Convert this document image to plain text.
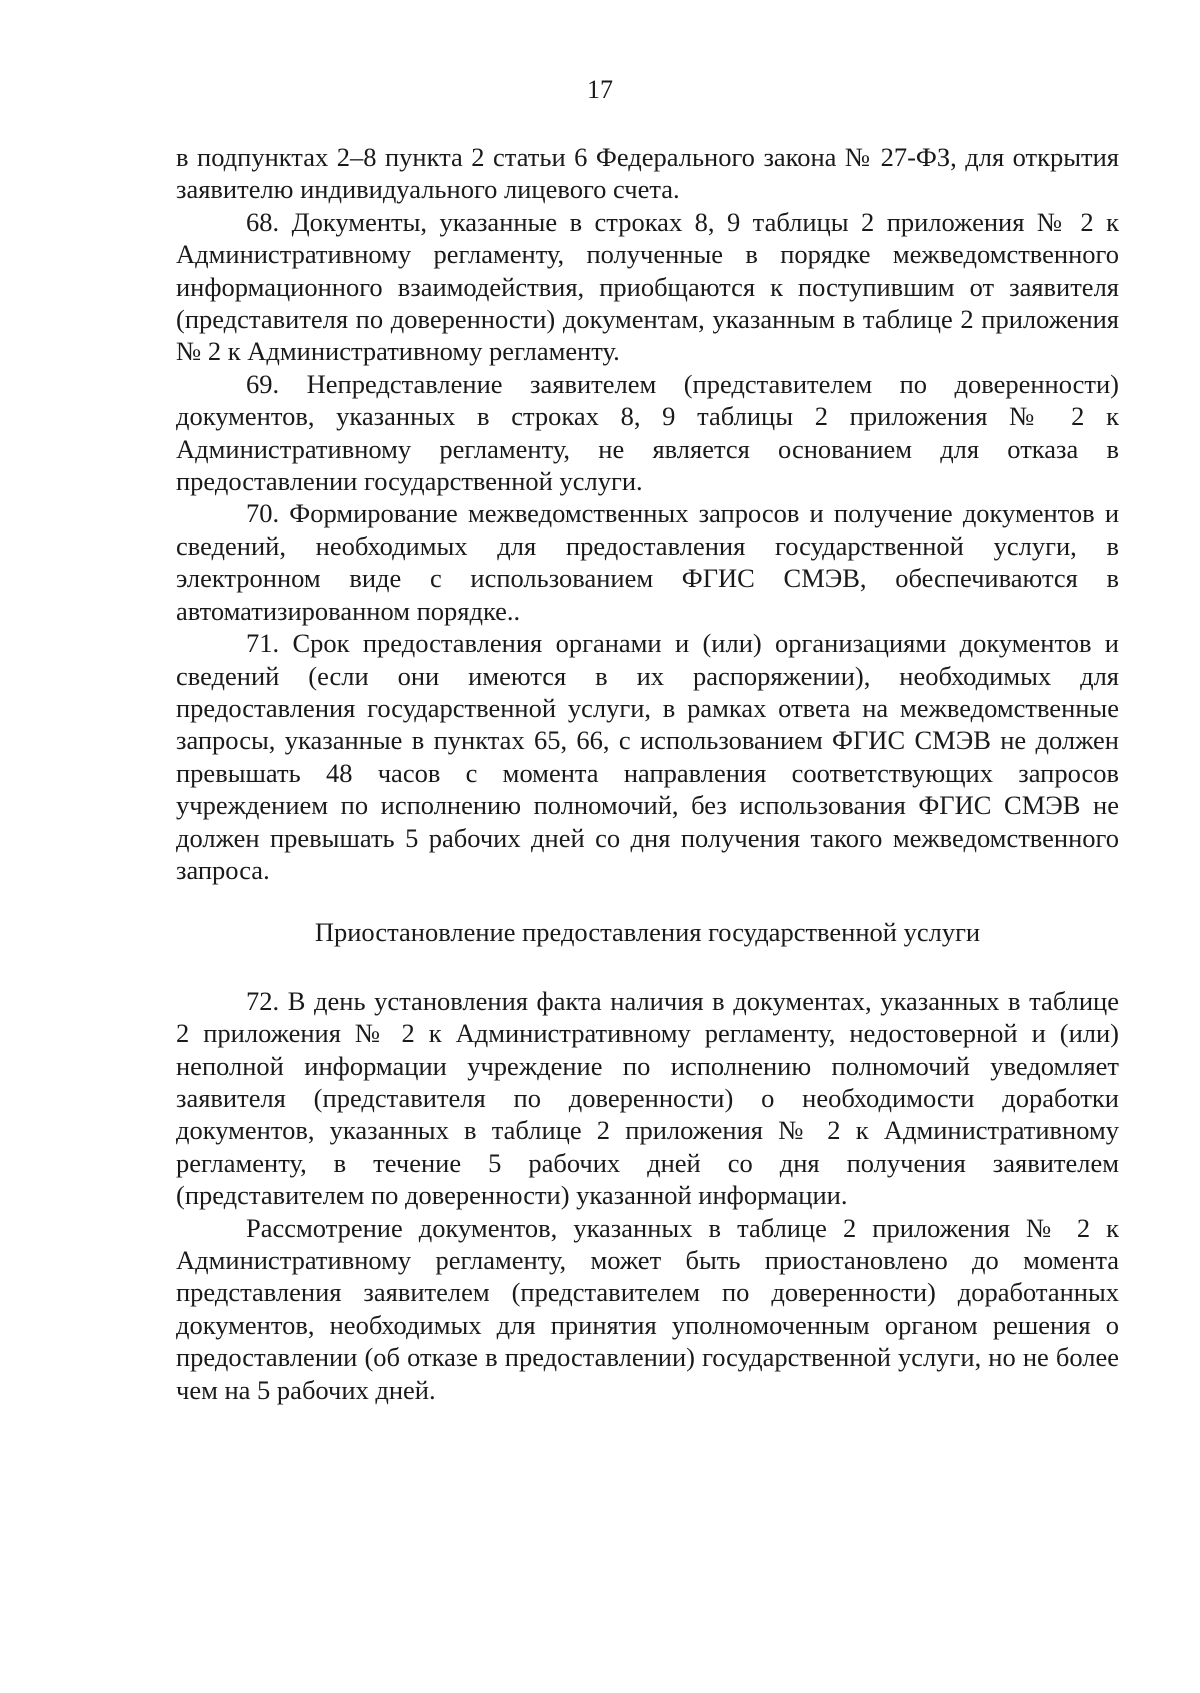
17

в подпунктах 2–8 пункта 2 статьи 6 Федерального закона № 27-ФЗ, для открытия заявителю индивидуального лицевого счета.

68. Документы, указанные в строках 8, 9 таблицы 2 приложения № 2 к Административному регламенту, полученные в порядке межведомственного информационного взаимодействия, приобщаются к поступившим от заявителя (представителя по доверенности) документам, указанным в таблице 2 приложения № 2 к Административному регламенту.

69. Непредставление заявителем (представителем по доверенности) документов, указанных в строках 8, 9 таблицы 2 приложения № 2 к Административному регламенту, не является основанием для отказа в предоставлении государственной услуги.

70. Формирование межведомственных запросов и получение документов и сведений, необходимых для предоставления государственной услуги, в электронном виде с использованием ФГИС СМЭВ, обеспечиваются в автоматизированном порядке..

71. Срок предоставления органами и (или) организациями документов и сведений (если они имеются в их распоряжении), необходимых для предоставления государственной услуги, в рамках ответа на межведомственные запросы, указанные в пунктах 65, 66, с использованием ФГИС СМЭВ не должен превышать 48 часов с момента направления соответствующих запросов учреждением по исполнению полномочий, без использования ФГИС СМЭВ не должен превышать 5 рабочих дней со дня получения такого межведомственного запроса.

Приостановление предоставления государственной услуги

72. В день установления факта наличия в документах, указанных в таблице 2 приложения № 2 к Административному регламенту, недостоверной и (или) неполной информации учреждение по исполнению полномочий уведомляет заявителя (представителя по доверенности) о необходимости доработки документов, указанных в таблице 2 приложения № 2 к Административному регламенту, в течение 5 рабочих дней со дня получения заявителем (представителем по доверенности) указанной информации.

Рассмотрение документов, указанных в таблице 2 приложения № 2 к Административному регламенту, может быть приостановлено до момента представления заявителем (представителем по доверенности) доработанных документов, необходимых для принятия уполномоченным органом решения о предоставлении (об отказе в предоставлении) государственной услуги, но не более чем на 5 рабочих дней.
